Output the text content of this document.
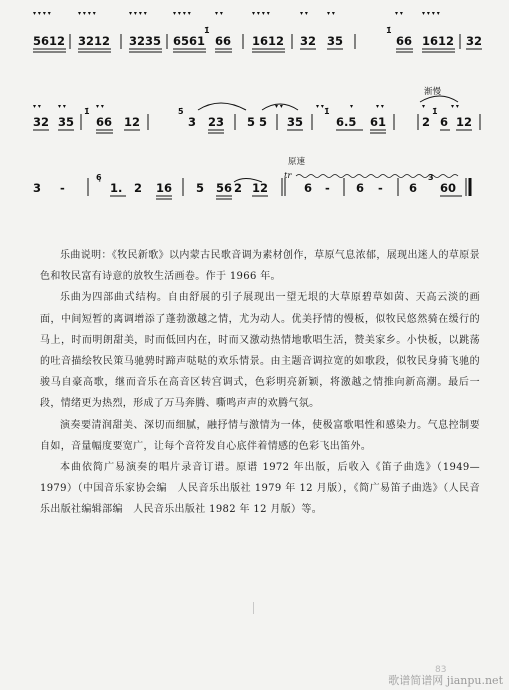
▾ ▾ ▾ ▾	▾ ▾ ▾ ▾	▾ ▾ ▾ ▾	▾ ▾ ▾ ▾	▾ ▾	▾ ▾ ▾ ▾	▾ ▾	▾ ▾	▾ ▾	▾ ▾ ▾ ▾
5612 3212 3235 6561
1̇
66 1612 32 35
1̇
66 1612 32
渐慢
▾ ▾	▾ ▾	▾ ▾	▾ ▾	▾ ▾	▾	▾ ▾	▾	▾ ▾
32 35
1̇
66 12
5̇
3 23 5 5 35
1̇
6.5 61	2
1̇
6 12
原速
tr
3 -
6̣
1. 2 16 5 56 2 12	6 - 6 - 6
3
60

乐曲说明：《牧民新歌》以内蒙古民歌音调为素材创作，草原气息浓郁，展现出迷人的草原景色和牧民富有诗意的放牧生活画卷。作于 1966 年。

乐曲为四部曲式结构。自由舒展的引子展现出一望无垠的大草原碧草如茵、天高云淡的画面，中间短暂的离调增添了蓬勃激越之情，尤为动人。优美抒情的慢板，似牧民悠然骑在缓行的马上，时而明朗甜美，时而低回内在，时而又激动热情地歌唱生活，赞美家乡。小快板，以跳荡的吐音描绘牧民策马驰骋时蹄声哒哒的欢乐情景。由主题音调拉宽的如歌段，似牧民身骑飞驰的骏马自豪高歌，继而音乐在高音区转宫调式，色彩明亮新颖，将激越之情推向新高潮。最后一段，情绪更为热烈，形成了万马奔腾、嘶鸣声声的欢腾气氛。

演奏要清润甜美、深切而细腻，融抒情与激情为一体，使极富歌唱性和感染力。气息控制要自如，音量幅度要宽广，让每个音符发自心底伴着情感的色彩飞出笛外。

本曲依简广易演奏的唱片录音订谱。原谱 1972 年出版，后收入《笛子曲选》（1949—1979）（中国音乐家协会编　人民音乐出版社 1979 年 12 月版），《简广易笛子曲选》（人民音乐出版社编辑部编　人民音乐出版社 1982 年 12 月版）等。

83
歌谱简谱网 jianpu.net
